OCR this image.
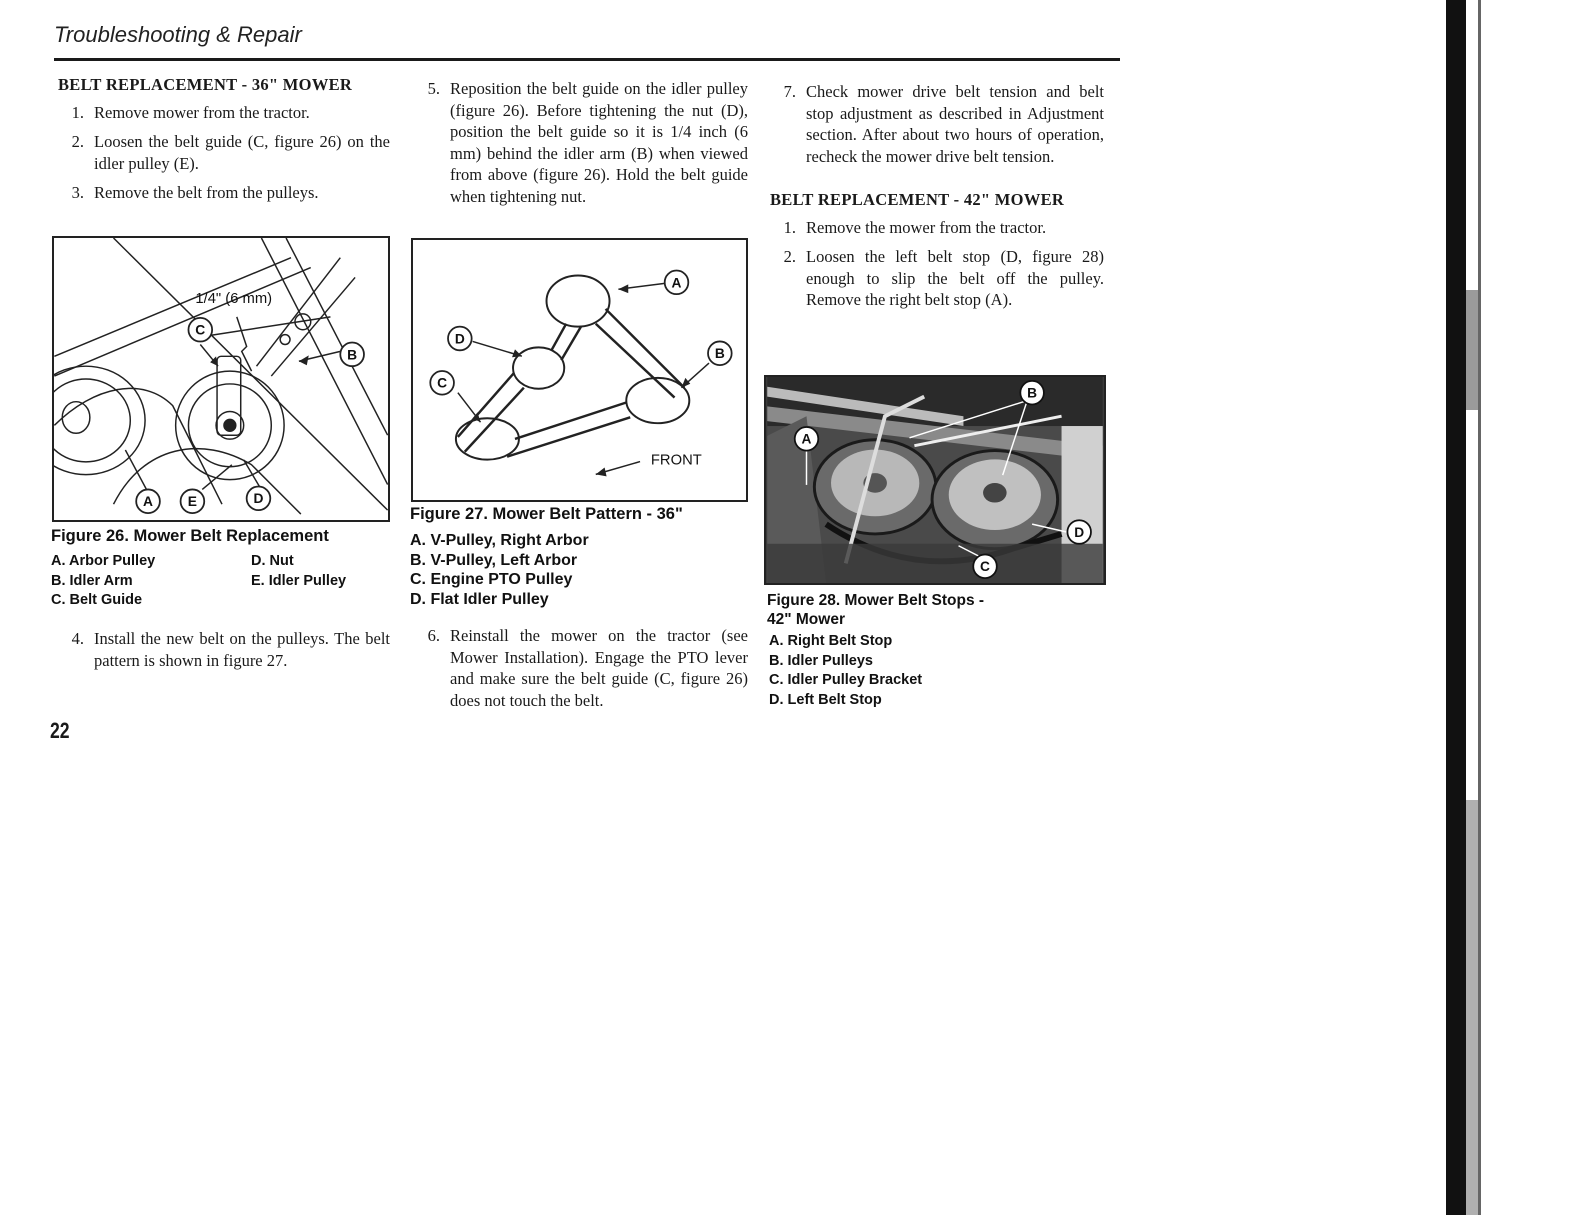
Troubleshooting & Repair
BELT REPLACEMENT - 36" MOWER
1. Remove mower from the tractor.
2. Loosen the belt guide (C, figure 26) on the idler pulley (E).
3. Remove the belt from the pulleys.
1/4" (6 mm)
C
B
A E	D
Figure 26. Mower Belt Replacement
A. Arbor Pulley
B. Idler Arm
C. Belt Guide
D. Nut
E. Idler Pulley
4. Install the new belt on the pulleys. The belt pattern is shown in figure 27.
5. Reposition the belt guide on the idler pulley (figure 26). Before tightening the nut (D), position the belt guide so it is 1/4 inch (6 mm) behind the idler arm (B) when viewed from above (figure 26). Hold the belt guide when tightening nut.
A
D
B
C
FRONT
Figure 27. Mower Belt Pattern - 36"
A. V-Pulley, Right Arbor
B. V-Pulley, Left Arbor
C. Engine PTO Pulley
D. Flat Idler Pulley
6. Reinstall the mower on the tractor (see Mower Installation). Engage the PTO lever and make sure the belt guide (C, figure 26) does not touch the belt.
7. Check mower drive belt tension and belt stop adjustment as described in Adjustment section. After about two hours of operation, recheck the mower drive belt tension.
BELT REPLACEMENT - 42" MOWER
1. Remove the mower from the tractor.
2. Loosen the left belt stop (D, figure 28) enough to slip the belt off the pulley. Remove the right belt stop (A).
A
B
D
C
Figure 28. Mower Belt Stops -
42" Mower
A. Right Belt Stop
B. Idler Pulleys
C. Idler Pulley Bracket
D. Left Belt Stop
22
